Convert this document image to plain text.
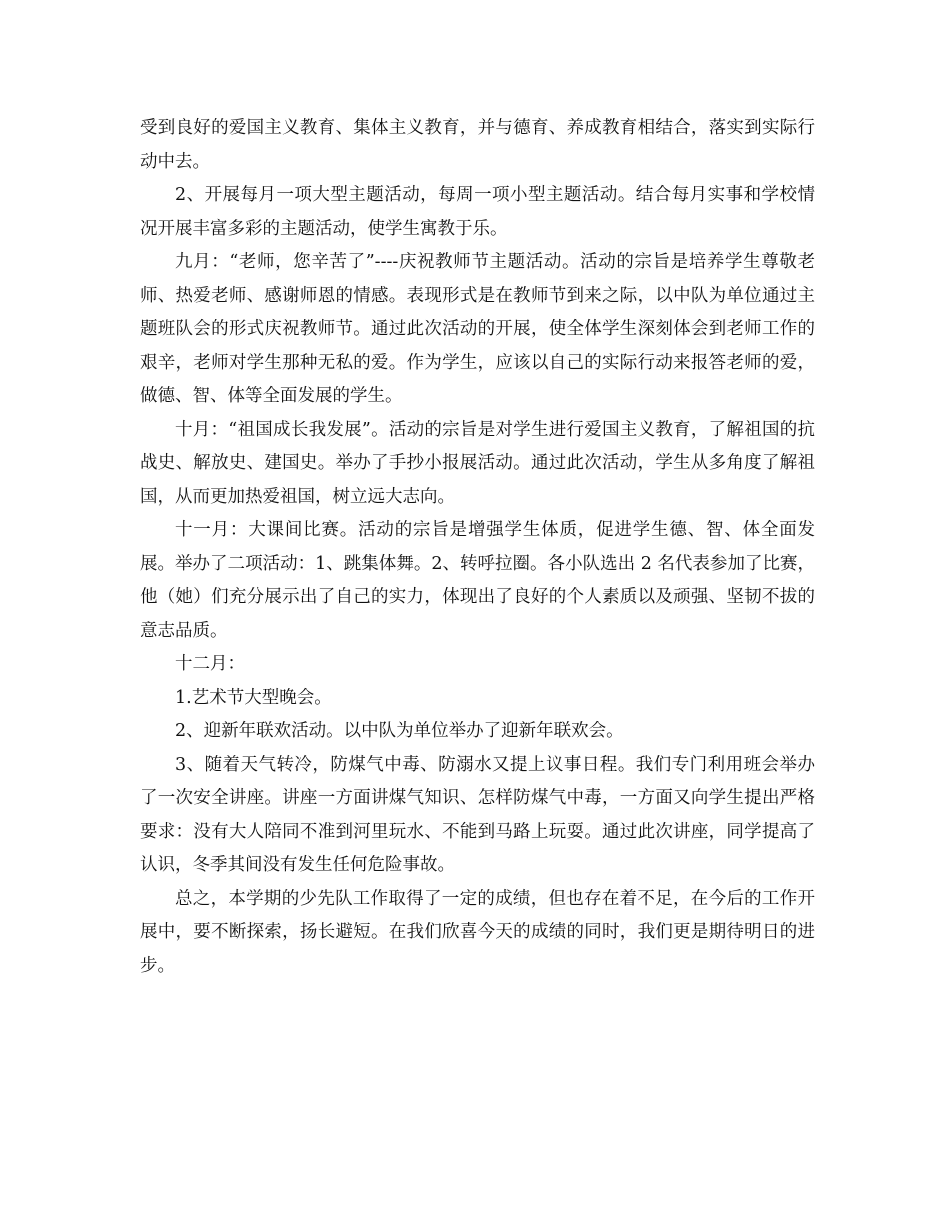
受到良好的爱国主义教育、集体主义教育，并与德育、养成教育相结合，落实到实际行动中去。

2、开展每月一项大型主题活动，每周一项小型主题活动。结合每月实事和学校情况开展丰富多彩的主题活动，使学生寓教于乐。

九月：“老师，您辛苦了”----庆祝教师节主题活动。活动的宗旨是培养学生尊敬老师、热爱老师、感谢师恩的情感。表现形式是在教师节到来之际，以中队为单位通过主题班队会的形式庆祝教师节。通过此次活动的开展，使全体学生深刻体会到老师工作的艰辛，老师对学生那种无私的爱。作为学生，应该以自己的实际行动来报答老师的爱，做德、智、体等全面发展的学生。

十月：“祖国成长我发展”。活动的宗旨是对学生进行爱国主义教育，了解祖国的抗战史、解放史、建国史。举办了手抄小报展活动。通过此次活动，学生从多角度了解祖国，从而更加热爱祖国，树立远大志向。

十一月：大课间比赛。活动的宗旨是增强学生体质，促进学生德、智、体全面发展。举办了二项活动：1、跳集体舞。2、转呼拉圈。各小队选出 2 名代表参加了比赛，他（她）们充分展示出了自己的实力，体现出了良好的个人素质以及顽强、坚韧不拔的意志品质。

十二月：

1.艺术节大型晚会。

2、迎新年联欢活动。以中队为单位举办了迎新年联欢会。

3、随着天气转冷，防煤气中毒、防溺水又提上议事日程。我们专门利用班会举办了一次安全讲座。讲座一方面讲煤气知识、怎样防煤气中毒，一方面又向学生提出严格要求：没有大人陪同不准到河里玩水、不能到马路上玩耍。通过此次讲座，同学提高了认识，冬季其间没有发生任何危险事故。

总之，本学期的少先队工作取得了一定的成绩，但也存在着不足，在今后的工作开展中，要不断探索，扬长避短。在我们欣喜今天的成绩的同时，我们更是期待明日的进步。
